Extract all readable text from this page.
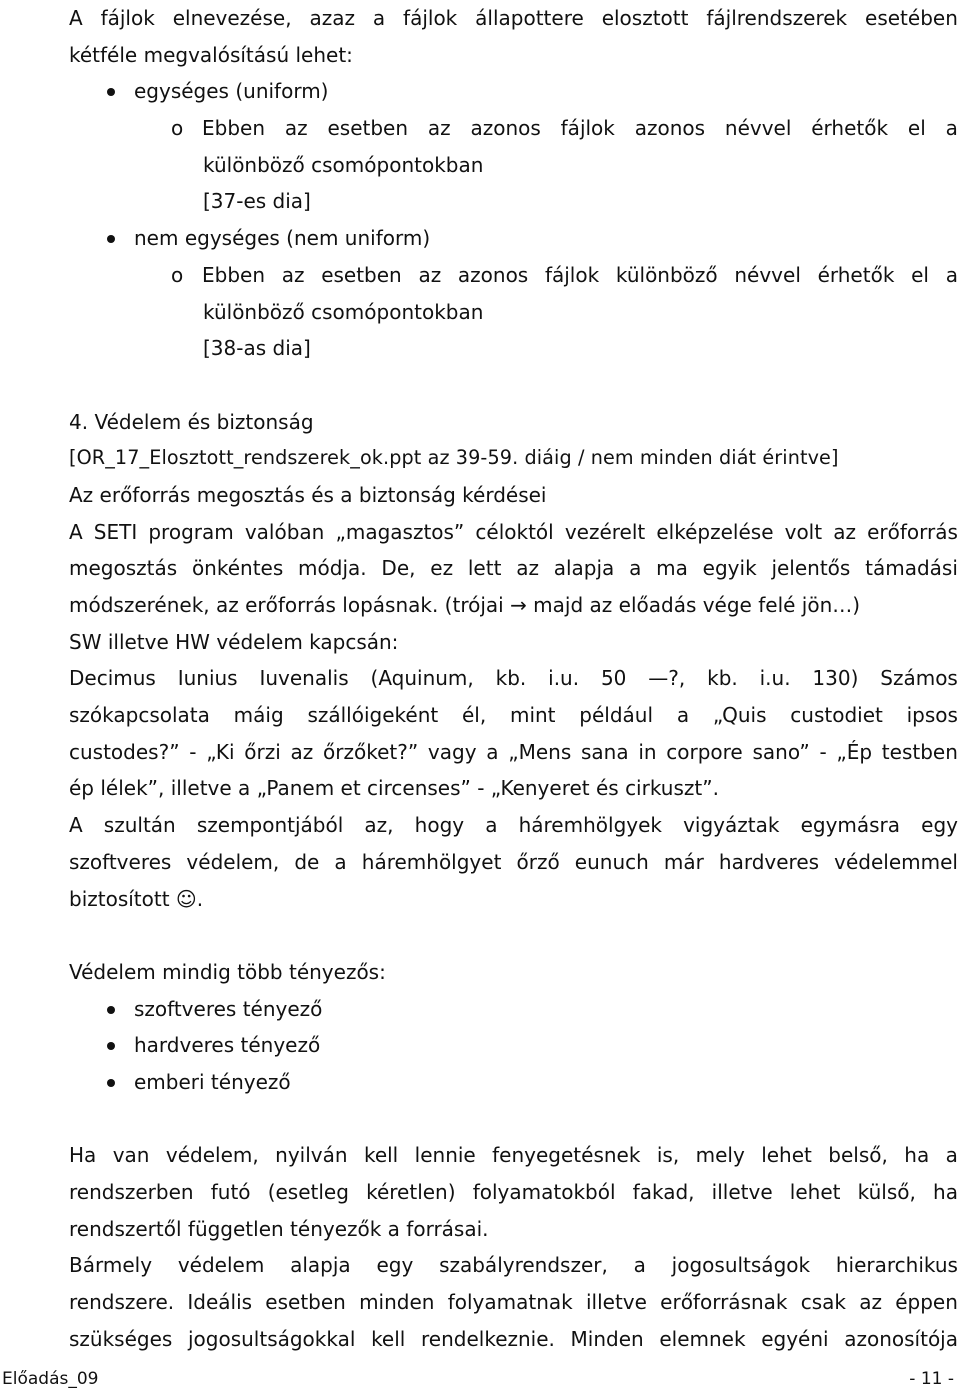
A fájlok elnevezése, azaz a fájlok állapottere elosztott fájlrendszerek esetében
kétféle megvalósítású lehet:
egységes (uniform)
o Ebben az esetben az azonos fájlok azonos névvel érhetők el a
különböző csomópontokban
[37-es dia]
nem egységes (nem uniform)
o Ebben az esetben az azonos fájlok különböző névvel érhetők el a
különböző csomópontokban
[38-as dia]
4. Védelem és biztonság
[OR_17_Elosztott_rendszerek_ok.ppt az 39-59. diáig / nem minden diát érintve]
Az erőforrás megosztás és a biztonság kérdései
A SETI program valóban „magasztos” céloktól vezérelt elképzelése volt az erőforrás
megosztás önkéntes módja. De, ez lett az alapja a ma egyik jelentős támadási
módszerének, az erőforrás lopásnak. (trójai → majd az előadás vége felé jön…)
SW illetve HW védelem kapcsán:
Decimus Iunius Iuvenalis (Aquinum, kb. i.u. 50 —?, kb. i.u. 130) Számos
szókapcsolata máig szállóigeként él, mint például a „Quis custodiet ipsos
custodes?” - „Ki őrzi az őrzőket?” vagy a „Mens sana in corpore sano” - „Ép testben
ép lélek”, illetve a „Panem et circenses” - „Kenyeret és cirkuszt”.
A szultán szempontjából az, hogy a háremhölgyek vigyáztak egymásra egy
szoftveres védelem, de a háremhölgyet őrző eunuch már hardveres védelemmel
biztosított ☺.
Védelem mindig több tényezős:
szoftveres tényező
hardveres tényező
emberi tényező
Ha van védelem, nyilván kell lennie fenyegetésnek is, mely lehet belső, ha a
rendszerben futó (esetleg kéretlen) folyamatokból fakad, illetve lehet külső, ha
rendszertől független tényezők a forrásai.
Bármely védelem alapja egy szabályrendszer, a jogosultságok hierarchikus
rendszere. Ideális esetben minden folyamatnak illetve erőforrásnak csak az éppen
szükséges jogosultságokkal kell rendelkeznie. Minden elemnek egyéni azonosítója
Előadás_09	- 11 -
